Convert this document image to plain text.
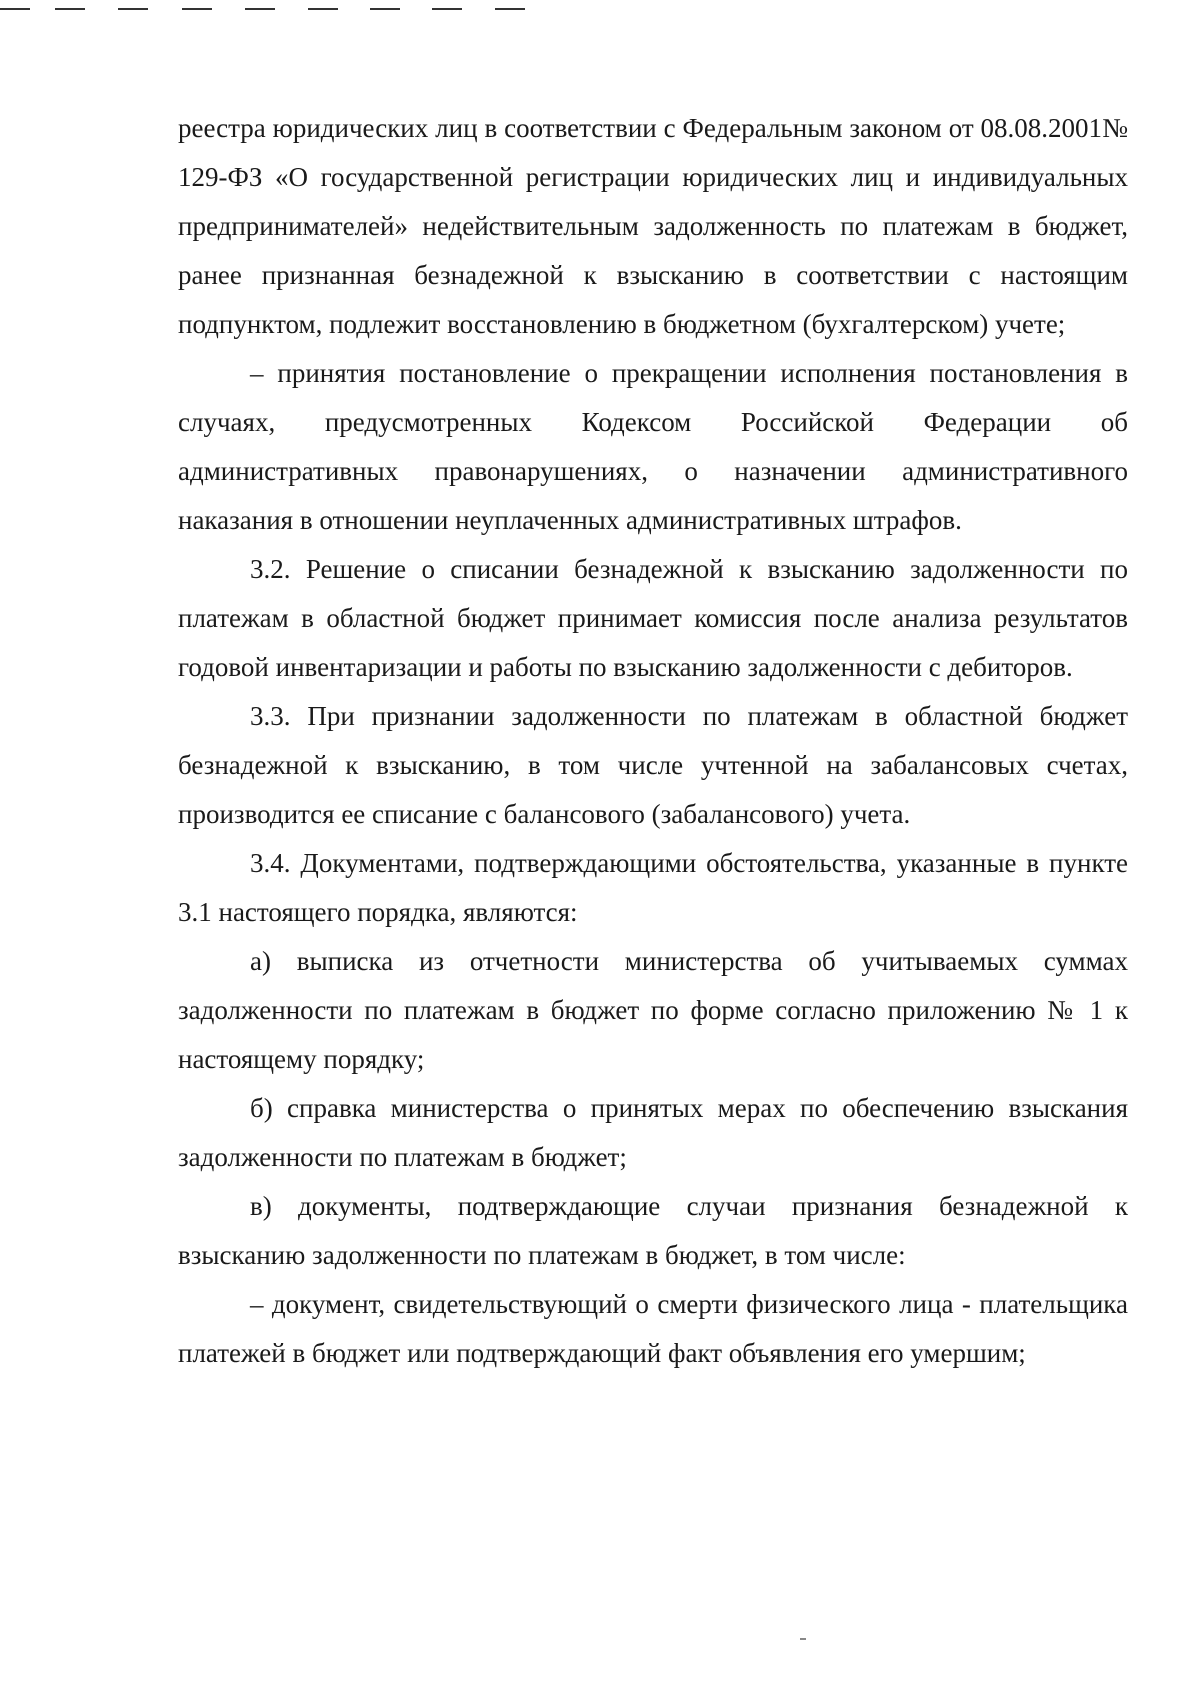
реестра юридических лиц в соответствии с Федеральным законом от 08.08.2001№ 129-ФЗ «О государственной регистрации юридических лиц и индивидуальных предпринимателей» недействительным задолженность по платежам в бюджет, ранее признанная безнадежной к взысканию в соответствии с настоящим подпунктом, подлежит восстановлению в бюджетном (бухгалтерском) учете;

– принятия постановление о прекращении исполнения постановления в случаях, предусмотренных Кодексом Российской Федерации об административных правонарушениях, о назначении административного наказания в отношении неуплаченных административных штрафов.

3.2. Решение о списании безнадежной к взысканию задолженности по платежам в областной бюджет принимает комиссия после анализа результатов годовой инвентаризации и работы по взысканию задолженности с дебиторов.

3.3. При признании задолженности по платежам в областной бюджет безнадежной к взысканию, в том числе учтенной на забалансовых счетах, производится ее списание с балансового (забалансового) учета.

3.4. Документами, подтверждающими обстоятельства, указанные в пункте 3.1 настоящего порядка, являются:

а) выписка из отчетности министерства об учитываемых суммах задолженности по платежам в бюджет по форме согласно приложению № 1 к настоящему порядку;

б) справка министерства о принятых мерах по обеспечению взыскания задолженности по платежам в бюджет;

в) документы, подтверждающие случаи признания безнадежной к взысканию задолженности по платежам в бюджет, в том числе:

– документ, свидетельствующий о смерти физического лица - плательщика платежей в бюджет или подтверждающий факт объявления его умершим;
